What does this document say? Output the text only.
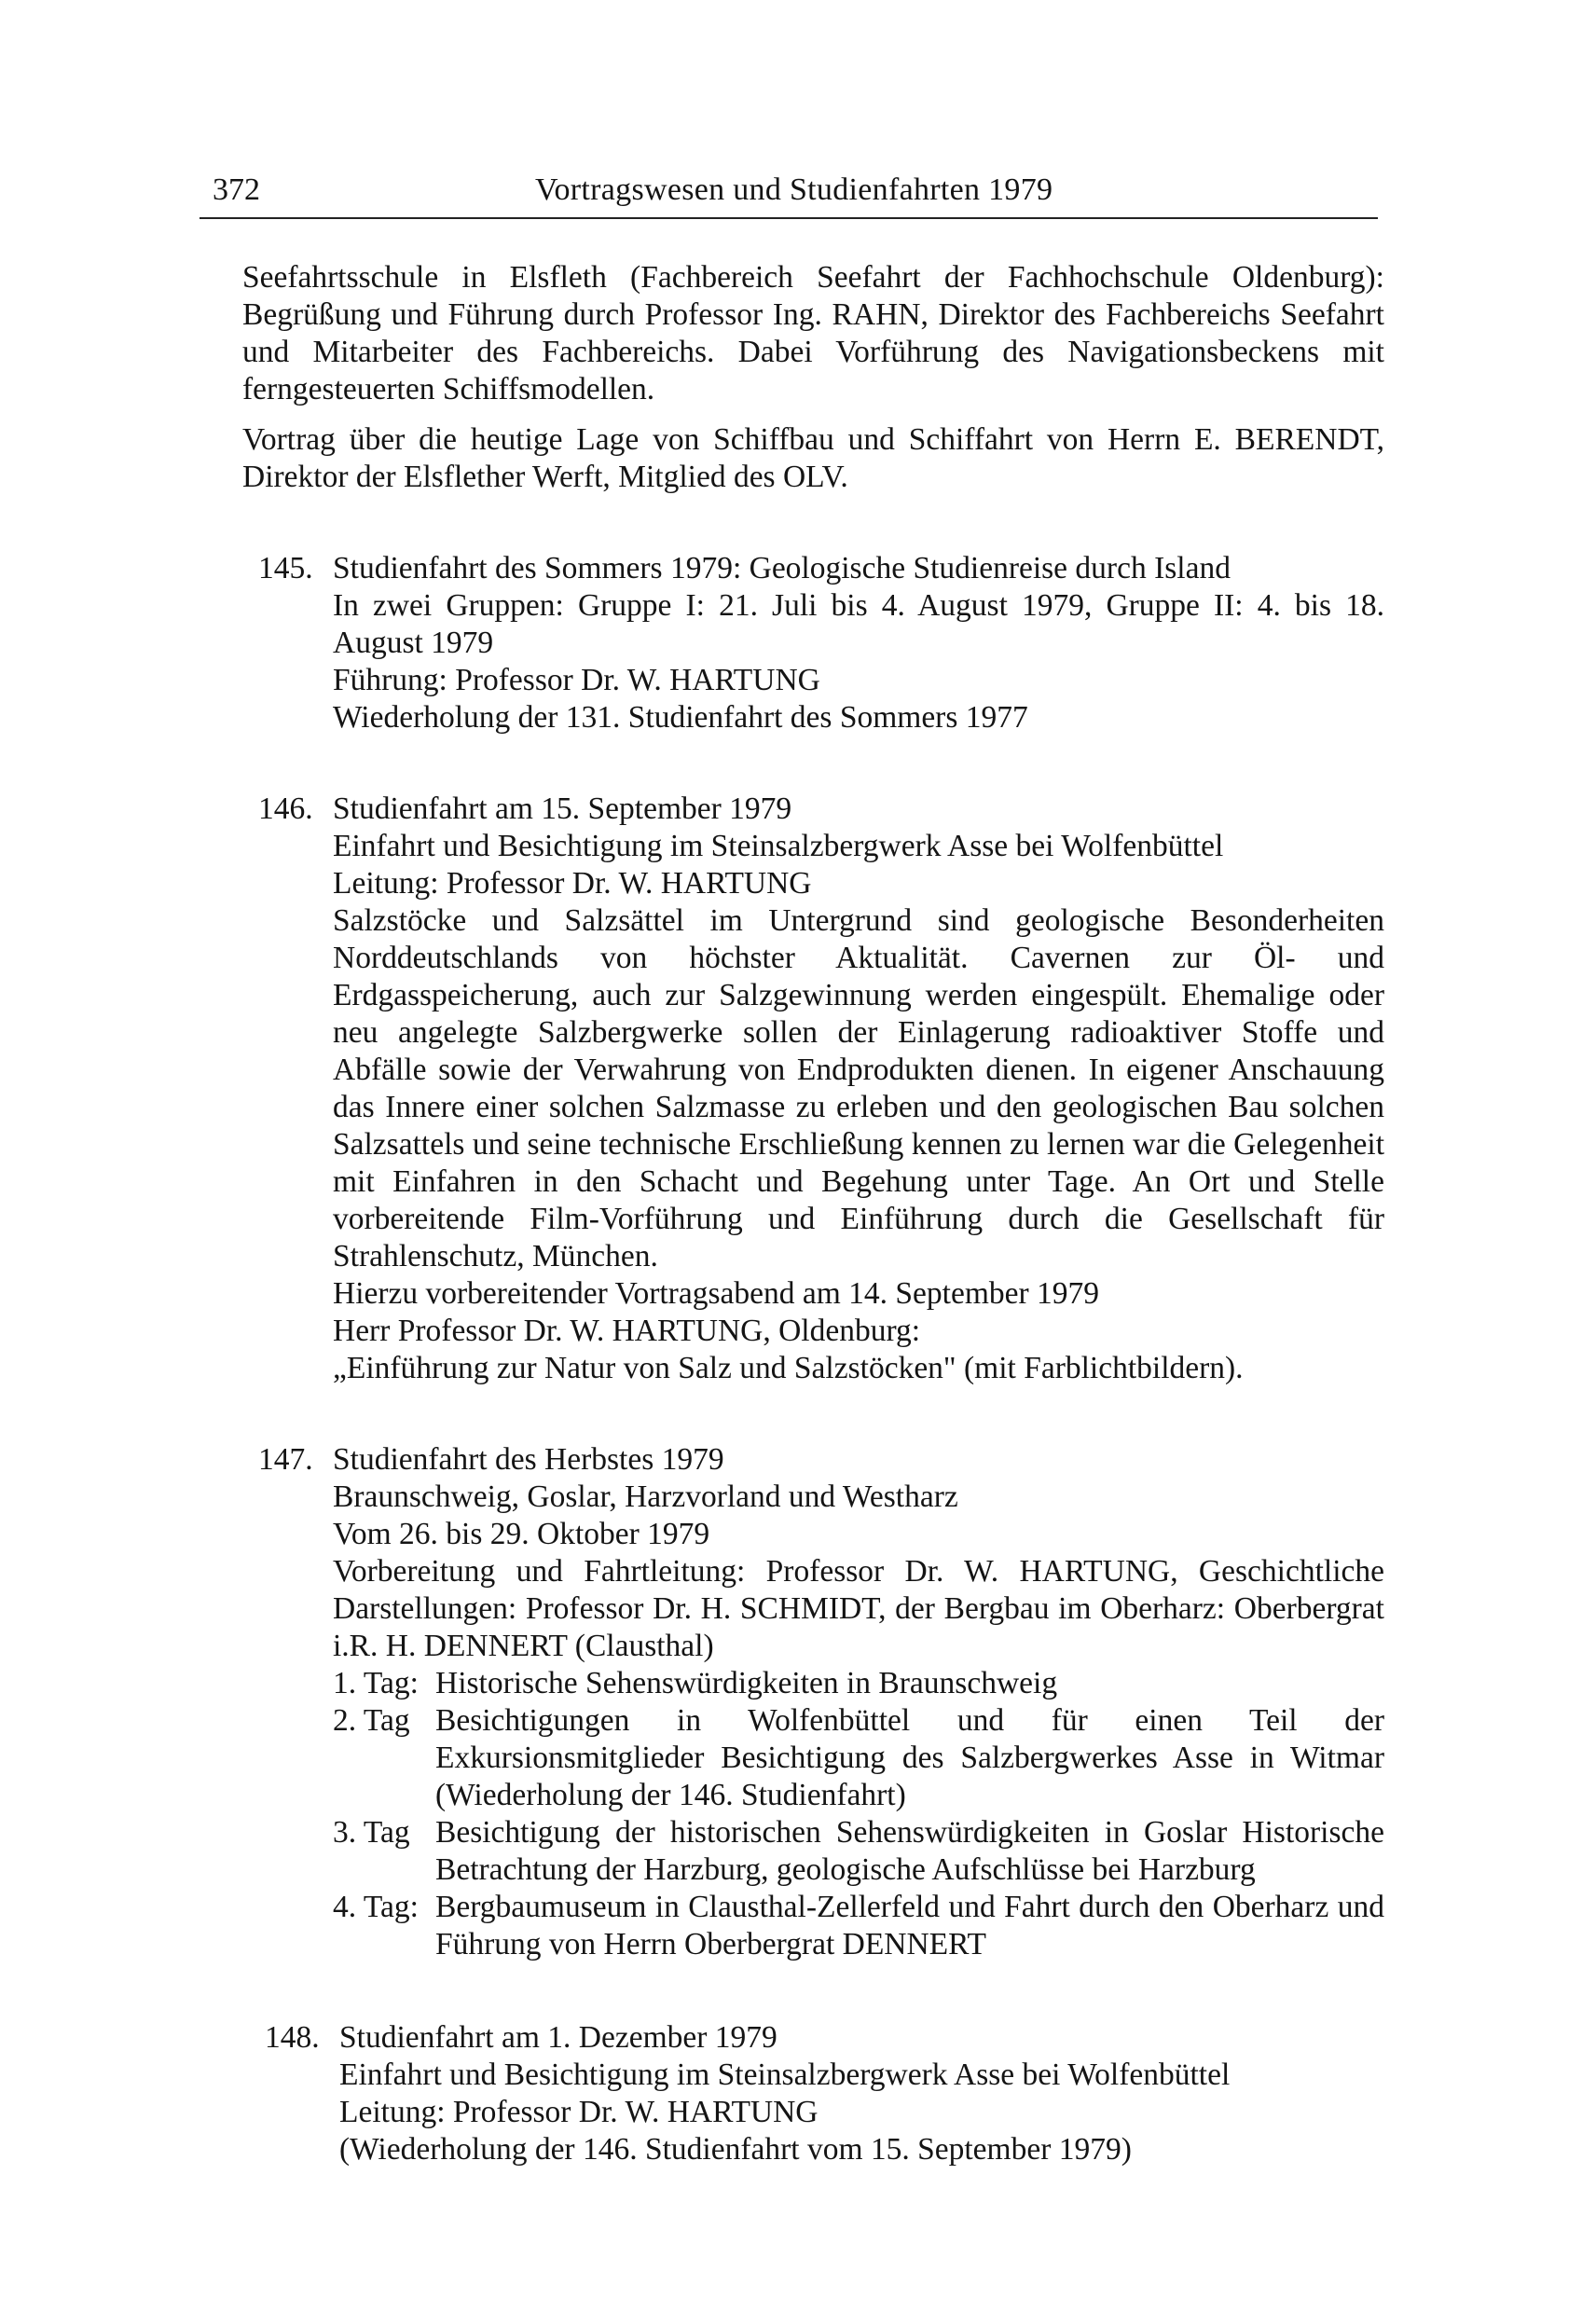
372	Vortragswesen und Studienfahrten 1979

Seefahrtsschule in Elsfleth (Fachbereich Seefahrt der Fachhochschule Oldenburg): Begrüßung und Führung durch Professor Ing. RAHN, Direktor des Fachbereichs Seefahrt und Mitarbeiter des Fachbereichs. Dabei Vorführung des Navigationsbeckens mit ferngesteuerten Schiffsmodellen.

Vortrag über die heutige Lage von Schiffbau und Schiffahrt von Herrn E. BERENDT, Direktor der Elsflether Werft, Mitglied des OLV.

145. Studienfahrt des Sommers 1979: Geologische Studienreise durch Island
In zwei Gruppen: Gruppe I: 21. Juli bis 4. August 1979, Gruppe II: 4. bis 18. August 1979
Führung: Professor Dr. W. HARTUNG
Wiederholung der 131. Studienfahrt des Sommers 1977
146. Studienfahrt am 15. September 1979
Einfahrt und Besichtigung im Steinsalzbergwerk Asse bei Wolfenbüttel
Leitung: Professor Dr. W. HARTUNG
Salzstöcke und Salzsättel im Untergrund sind geologische Besonderheiten Norddeutschlands von höchster Aktualität. Cavernen zur Öl- und Erdgasspeicherung, auch zur Salzgewinnung werden eingespült. Ehemalige oder neu angelegte Salzbergwerke sollen der Einlagerung radioaktiver Stoffe und Abfälle sowie der Verwahrung von Endprodukten dienen. In eigener Anschauung das Innere einer solchen Salzmasse zu erleben und den geologischen Bau solchen Salzsattels und seine technische Erschließung kennen zu lernen war die Gelegenheit mit Einfahren in den Schacht und Begehung unter Tage. An Ort und Stelle vorbereitende Film-Vorführung und Einführung durch die Gesellschaft für Strahlenschutz, München.
Hierzu vorbereitender Vortragsabend am 14. September 1979
Herr Professor Dr. W. HARTUNG, Oldenburg:
„Einführung zur Natur von Salz und Salzstöcken" (mit Farblichtbildern).
147. Studienfahrt des Herbstes 1979
Braunschweig, Goslar, Harzvorland und Westharz
Vom 26. bis 29. Oktober 1979
Vorbereitung und Fahrtleitung: Professor Dr. W. HARTUNG, Geschichtliche Darstellungen: Professor Dr. H. SCHMIDT, der Bergbau im Oberharz: Oberbergrat i.R. H. DENNERT (Clausthal)
1. Tag: Historische Sehenswürdigkeiten in Braunschweig
2. Tag Besichtigungen in Wolfenbüttel und für einen Teil der Exkursionsmitglieder Besichtigung des Salzbergwerkes Asse in Witmar (Wiederholung der 146. Studienfahrt)
3. Tag Besichtigung der historischen Sehenswürdigkeiten in Goslar Historische Betrachtung der Harzburg, geologische Aufschlüsse bei Harzburg
4. Tag: Bergbaumuseum in Clausthal-Zellerfeld und Fahrt durch den Oberharz und Führung von Herrn Oberbergrat DENNERT
148. Studienfahrt am 1. Dezember 1979
Einfahrt und Besichtigung im Steinsalzbergwerk Asse bei Wolfenbüttel
Leitung: Professor Dr. W. HARTUNG
(Wiederholung der 146. Studienfahrt vom 15. September 1979)
